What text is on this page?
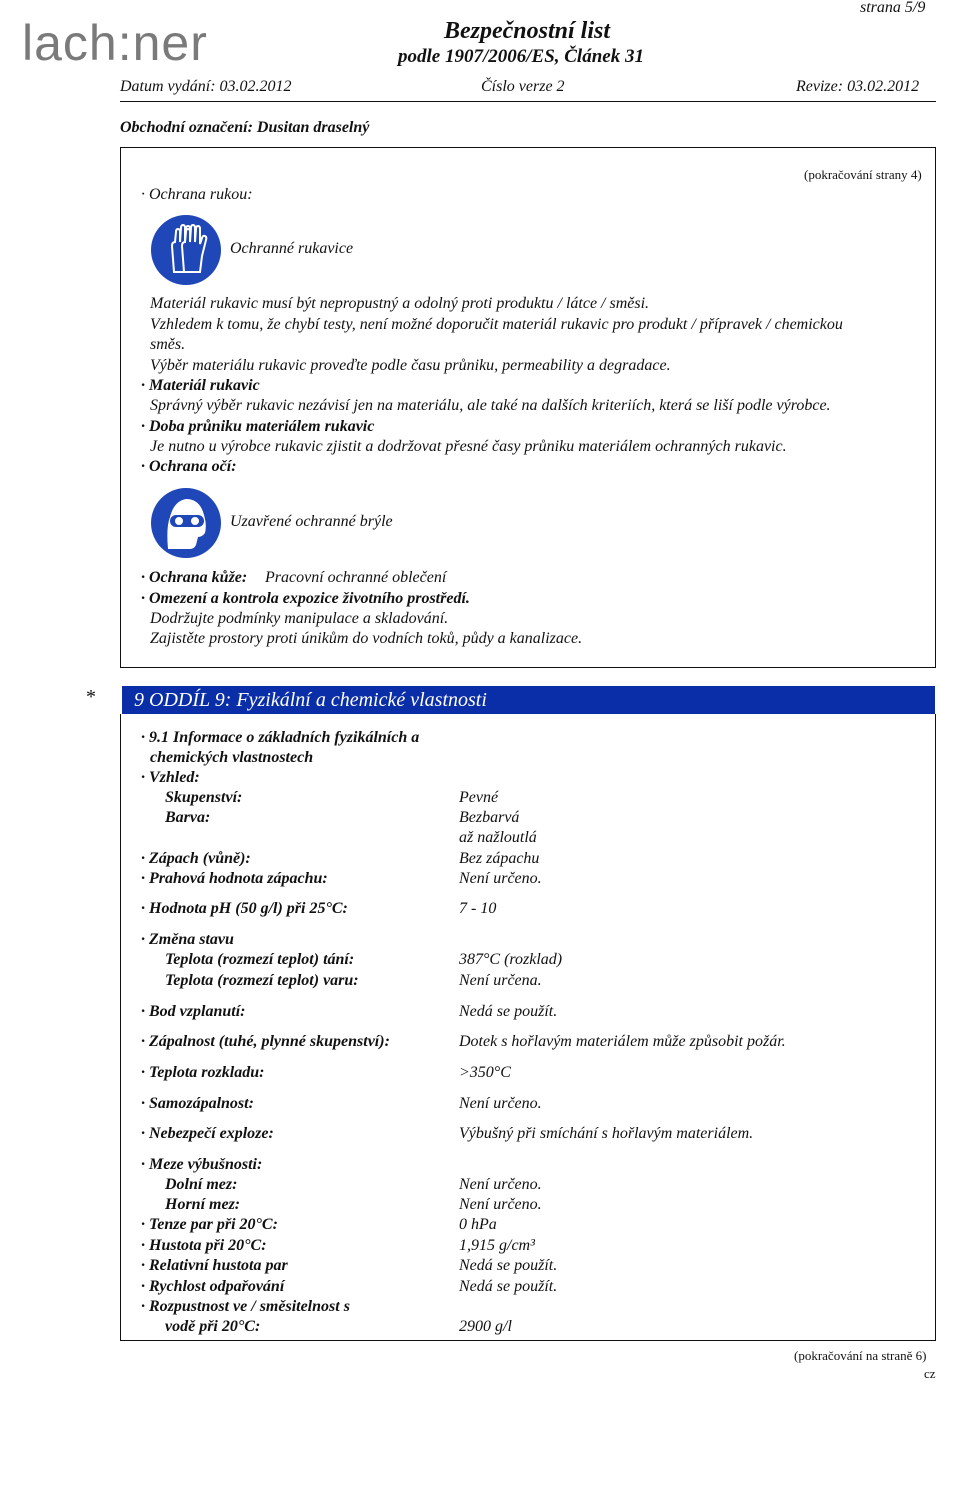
lach:ner	Bezpečnostní list
podle 1907/2006/ES, Článek 31
strana 5/9
Datum vydání: 03.02.2012	Číslo verze 2	Revize: 03.02.2012
Obchodní označení: Dusitan draselný
(pokračování strany 4)
· Ochrana rukou:
Ochranné rukavice
Materiál rukavic musí být nepropustný a odolný proti produktu / látce / směsi.
Vzhledem k tomu, že chybí testy, není možné doporučit materiál rukavic pro produkt / přípravek / chemickou
směs.
Výběr materiálu rukavic proveďte podle času průniku, permeability a degradace.
· Materiál rukavic
Správný výběr rukavic nezávisí jen na materiálu, ale také na dalších kriteriích, která se liší podle výrobce.
· Doba průniku materiálem rukavic
Je nutno u výrobce rukavic zjistit a dodržovat přesné časy průniku materiálem ochranných rukavic.
· Ochrana očí:
Uzavřené ochranné brýle
· Ochrana kůže: Pracovní ochranné oblečení
· Omezení a kontrola expozice životního prostředí.
Dodržujte podmínky manipulace a skladování.
Zajistěte prostory proti únikům do vodních toků, půdy a kanalizace.
*	9 ODDÍL 9: Fyzikální a chemické vlastnosti
· 9.1 Informace o základních fyzikálních a
chemických vlastnostech
· Vzhled:
Skupenství:	Pevné
Barva:	Bezbarvá
až nažloutlá
· Zápach (vůně):	Bez zápachu
· Prahová hodnota zápachu:	Není určeno.
· Hodnota pH (50 g/l) při 25°C:	7 - 10
· Změna stavu
Teplota (rozmezí teplot) tání:	387°C (rozklad)
Teplota (rozmezí teplot) varu:	Není určena.
· Bod vzplanutí:	Nedá se použít.
· Zápalnost (tuhé, plynné skupenství):	Dotek s hořlavým materiálem může způsobit požár.
· Teplota rozkladu:	>350°C
· Samozápalnost:	Není určeno.
· Nebezpečí exploze:	Výbušný při smíchání s hořlavým materiálem.
· Meze výbušnosti:
Dolní mez:	Není určeno.
Horní mez:	Není určeno.
· Tenze par při 20°C:	0 hPa
· Hustota při 20°C:	1,915 g/cm³
· Relativní hustota par	Nedá se použít.
· Rychlost odpařování	Nedá se použít.
· Rozpustnost ve / směsitelnost s
vodě při 20°C:	2900 g/l
(pokračování na straně 6)
cz
